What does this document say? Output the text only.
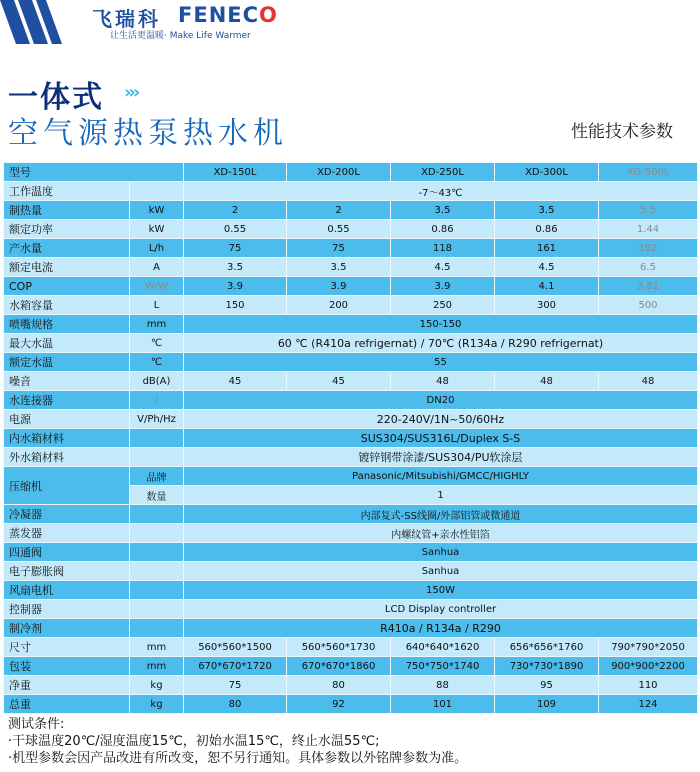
飞瑞科 FENECO
让生活更温暖· Make Life Warmer
一体式 ›››
空气源热泵热水机	性能技术参数
型号		XD-150L	XD-200L	XD-250L	XD-300L	XD-500L
工作温度		-7～43℃				
制热量	kW	2	2	3.5	3.5	5.5
额定功率	kW	0.55	0.55	0.86	0.86	1.44
产水量	L/h	75	75	118	161	192
额定电流	A	3.5	3.5	4.5	4.5	6.5
COP	W/W	3.9	3.9	3.9	4.1	3.81
水箱容量	L	150	200	250	300	500
喷嘴规格	mm	150-150				
最大水温	℃	60 ℃ (R410a refrigernat) / 70℃ (R134a / R290 refrigernat)				
额定水温	℃	55				
噪音	dB(A)	45	45	48	48	48
水连接器	/	DN20				
电源	V/Ph/Hz	220-240V/1N~50/60Hz				
内水箱材料		SUS304/SUS316L/Duplex S-S				
外水箱材料		镀锌钢带涂漆/SUS304/PU软涂层				
压缩机	品牌	Panasonic/Mitsubishi/GMCC/HIGHLY				
	数量	1				
冷凝器		内部复式-SS线圈/外部铝管或微通道				
蒸发器		内螺纹管+亲水性铝箔				
四通阀		Sanhua				
电子膨胀阀		Sanhua				
风扇电机		150W				
控制器		LCD Display controller				
制冷剂		R410a / R134a / R290				
尺寸	mm	560*560*1500	560*560*1730	640*640*1620	656*656*1760	790*790*2050
包装	mm	670*670*1720	670*670*1860	750*750*1740	730*730*1890	900*900*2200
净重	kg	75	80	88	95	110
总重	kg	80	92	101	109	124
测试条件:
·干球温度20℃/湿度温度15℃，初始水温15℃，终止水温55℃;
·机型参数会因产品改进有所改变，恕不另行通知。具体参数以外铭牌参数为准。
